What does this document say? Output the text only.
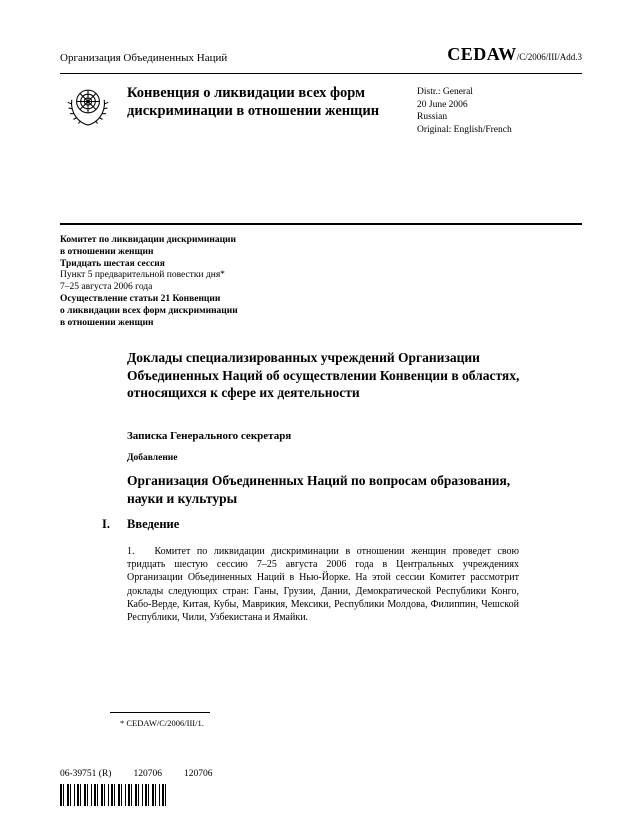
Организация Объединенных Наций	CEDAW/C/2006/III/Add.3
Конвенция о ликвидации всех форм дискриминации в отношении женщин
Distr.: General
20 June 2006
Russian
Original: English/French
Комитет по ликвидации дискриминации
в отношении женщин
Тридцать шестая сессия
Пункт 5 предварительной повестки дня*
7–25 августа 2006 года
Осуществление статьи 21 Конвенции
о ликвидации всех форм дискриминации
в отношении женщин
Доклады специализированных учреждений Организации Объединенных Наций об осуществлении Конвенции в областях, относящихся к сфере их деятельности
Записка Генерального секретаря
Добавление
Организация Объединенных Наций по вопросам образования, науки и культуры
I. Введение
1. Комитет по ликвидации дискриминации в отношении женщин проведет свою тридцать шестую сессию 7–25 августа 2006 года в Центральных учреждениях Организации Объединенных Наций в Нью-Йорке. На этой сессии Комитет рассмотрит доклады следующих стран: Ганы, Грузии, Дании, Демократической Республики Конго, Кабо-Верде, Китая, Кубы, Маврикия, Мексики, Республики Молдова, Филиппин, Чешской Республики, Чили, Узбекистана и Ямайки.
* CEDAW/C/2006/III/1.
06-39751 (R) 120706 120706
